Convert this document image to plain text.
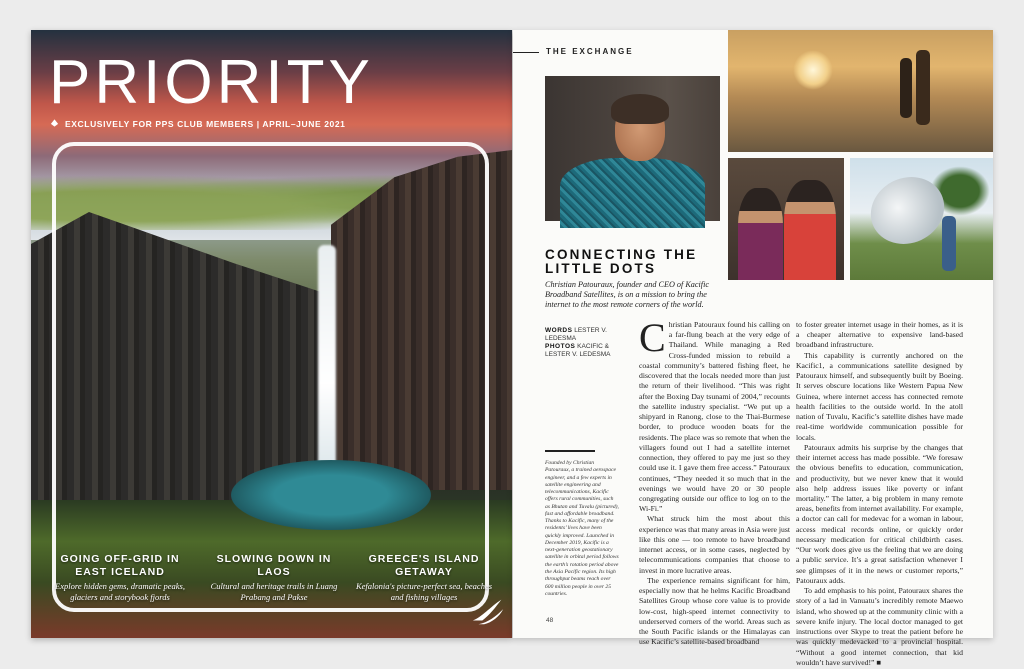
PRIORITY
EXCLUSIVELY FOR PPS CLUB MEMBERS | APRIL–JUNE 2021
GOING OFF-GRID IN EAST ICELAND
Explore hidden gems, dramatic peaks, glaciers and storybook fjords
SLOWING DOWN IN LAOS
Cultural and heritage trails in Luang Prabang and Pakse
GREECE'S ISLAND GETAWAY
Kefalonia's picture-perfect sea, beaches and fishing villages
THE EXCHANGE
CONNECTING THE
LITTLE DOTS
Christian Patouraux, founder and CEO of Kacific Broadband Satellites, is on a mission to bring the internet to the most remote corners of the world.
WORDS LESTER V. LEDESMA
PHOTOS KACIFIC & LESTER V. LEDESMA
Founded by Christian Patouraux, a trained aerospace engineer, and a few experts in satellite engineering and telecommunications, Kacific offers rural communities, such as Bhutan and Tuvalu (pictured), fast and affordable broadband. Thanks to Kacific, many of the residents’ lives have been quickly improved. Launched in December 2019, Kacific is a next-generation geostationary satellite in orbital period follows the earth’s rotation period above the Asia Pacific region. Its high throughput beams reach over 600 million people in over 25 countries.

Christian Patouraux found his calling on a far-flung beach at the very edge of Thailand. While managing a Red Cross-funded mission to rebuild a coastal community’s battered fishing fleet, he discovered that the locals needed more than just the return of their livelihood. “This was right after the Boxing Day tsunami of 2004,” recounts the satellite industry specialist. “We put up a shipyard in Ranong, close to the Thai-Burmese border, to produce wooden boats for the residents. The place was so remote that when the villagers found out I had a satellite internet connection, they offered to pay me just so they could use it. I gave them free access.” Patouraux continues, “They needed it so much that in the evenings we would have 20 or 30 people congregating outside our office to log on to the Wi-Fi.”

What struck him the most about this experience was that many areas in Asia were just like this one — too remote to have broadband internet access, or in some cases, neglected by telecommunications companies that choose to invest in more lucrative areas.

The experience remains significant for him, especially now that he helms Kacific Broadband Satellites Group whose core value is to provide low-cost, high-speed internet connectivity to underserved corners of the world. Areas such as the South Pacific islands or the Himalayas can use Kacific’s satellite-based broadband

to foster greater internet usage in their homes, as it is a cheaper alternative to expensive land-based broadband infrastructure.

This capability is currently anchored on the Kacific1, a communications satellite designed by Patouraux himself, and subsequently built by Boeing. It serves obscure locations like Western Papua New Guinea, where internet access has connected remote health facilities to the outside world. In the atoll nation of Tuvalu, Kacific’s satellite dishes have made real-time worldwide communication possible for locals.

Patouraux admits his surprise by the changes that their internet access has made possible. “We foresaw the obvious benefits to education, communication, and productivity, but we never knew that it would also help address issues like poverty or infant mortality.” The latter, a big problem in many remote areas, benefits from internet availability. For example, a doctor can call for medevac for a woman in labour, access medical records online, or quickly order necessary medication for critical childbirth cases. “Our work does give us the feeling that we are doing a public service. It’s a great satisfaction whenever I see glimpses of it in the news or customer reports,” Patouraux adds.

To add emphasis to his point, Patouraux shares the story of a lad in Vanuatu’s incredibly remote Maewo island, who showed up at the community clinic with a severe knife injury. The local doctor managed to get instructions over Skype to treat the patient before he was quickly medevacked to a provincial hospital. “Without a good internet connection, that kid wouldn’t have survived!” ■

48
